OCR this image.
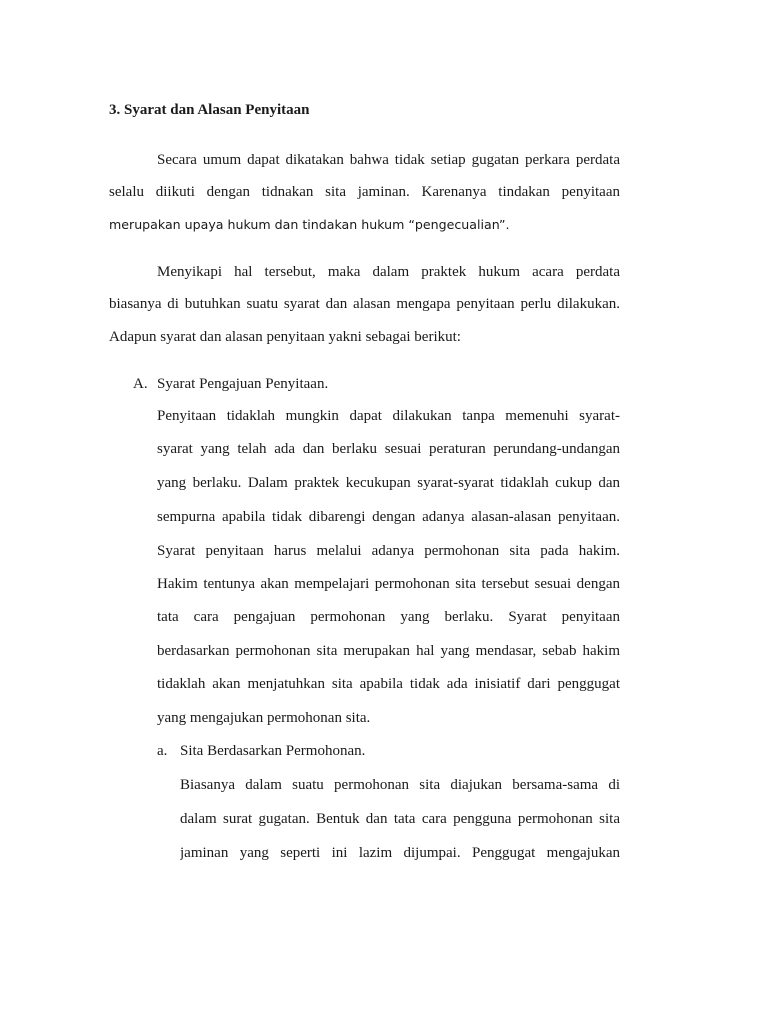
3. Syarat dan Alasan Penyitaan
Secara umum dapat dikatakan bahwa tidak setiap gugatan perkara perdata
selalu diikuti dengan tidnakan sita jaminan. Karenanya tindakan penyitaan
merupakan upaya hukum dan tindakan hukum “pengecualian”.
Menyikapi hal tersebut, maka dalam praktek hukum acara perdata
biasanya di butuhkan suatu syarat dan alasan mengapa penyitaan perlu dilakukan.
Adapun syarat dan alasan penyitaan yakni sebagai berikut:
A. Syarat Pengajuan Penyitaan.
Penyitaan tidaklah mungkin dapat dilakukan tanpa memenuhi syarat-
syarat yang telah ada dan berlaku sesuai peraturan perundang-undangan
yang berlaku. Dalam praktek kecukupan syarat-syarat tidaklah cukup dan
sempurna apabila tidak dibarengi dengan adanya alasan-alasan penyitaan.
Syarat penyitaan harus melalui adanya permohonan sita pada hakim.
Hakim tentunya akan mempelajari permohonan sita tersebut sesuai dengan
tata cara pengajuan permohonan yang berlaku. Syarat penyitaan
berdasarkan permohonan sita merupakan hal yang mendasar, sebab hakim
tidaklah akan menjatuhkan sita apabila tidak ada inisiatif dari penggugat
yang mengajukan permohonan sita.
a. Sita Berdasarkan Permohonan.
Biasanya dalam suatu permohonan sita diajukan bersama-sama di
dalam surat gugatan. Bentuk dan tata cara pengguna permohonan sita
jaminan yang seperti ini lazim dijumpai. Penggugat mengajukan
